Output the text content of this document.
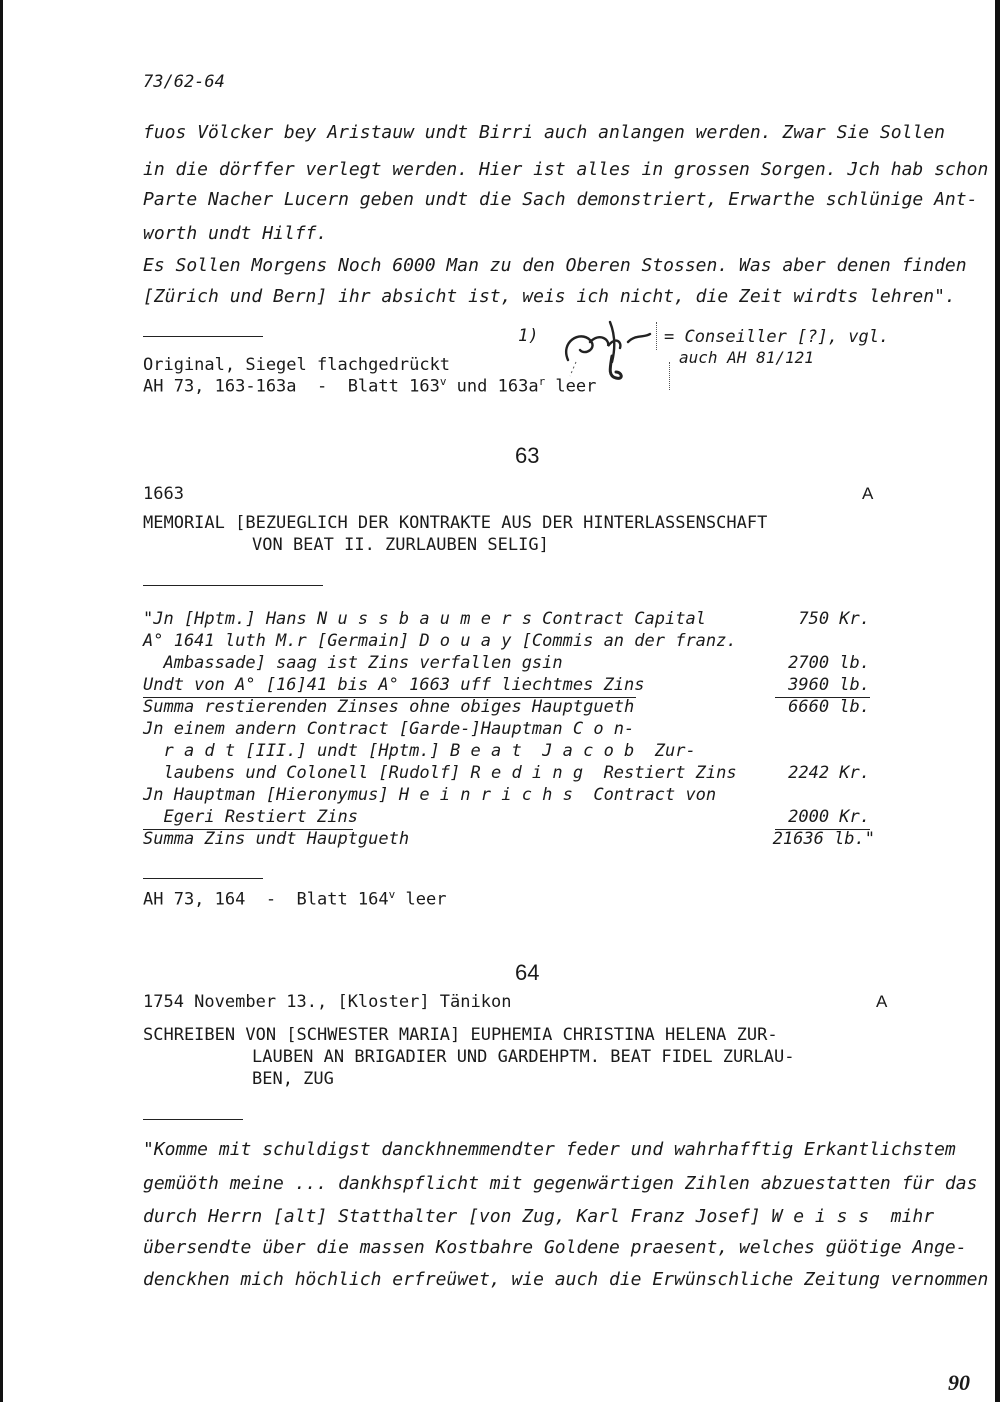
73/62-64
fuos Völcker bey Aristauw undt Birri auch anlangen werden. Zwar Sie Sollen
in die dörffer verlegt werden. Hier ist alles in grossen Sorgen. Jch hab schon
Parte Nacher Lucern geben undt die Sach demonstriert, Erwarthe schlünige Ant-
worth undt Hilff.
Es Sollen Morgens Noch 6000 Man zu den Oberen Stossen. Was aber denen finden
[Zürich und Bern] ihr absicht ist, weis ich nicht, die Zeit wirdts lehren".
Original, Siegel flachgedrückt
AH 73, 163-163a  -  Blatt 163$^v$ und $163a^r$ leer
1)	= Conseiller [?], vgl.
auch AH 81/121
63
1663	A
MEMORIAL [BEZUEGLICH DER KONTRAKTE AUS DER HINTERLASSENSCHAFT
VON BEAT II. ZURLAUBEN SELIG]
"Jn [Hptm.] Hans N u s s b a u m e r s Contract Capital	750 Kr.
A° 1641 luth M.r [Germain] D o u a y [Commis an der franz.
Ambassade] saag ist Zins verfallen gsin	2700 lb.
Undt von A° [16]41 bis A° 1663 uff liechtmes Zins	3960 lb.
Summa restierenden Zinses ohne obiges Hauptgueth	6660 lb.
Jn einem andern Contract [Garde-]Hauptman C o n-
r a d t [III.] undt [Hptm.] B e a t  J a c o b  Zur-
laubens und Colonell [Rudolf] R e d i n g  Restiert Zins	2242 Kr.
Jn Hauptman [Hieronymus] H e i n r i c h s  Contract von
Egeri Restiert Zins	2000 Kr.
Summa Zins undt Hauptgueth	21636 lb."
AH 73, 164  -  Blatt 164$^v$ leer
64
1754 November 13., [Kloster] Tänikon	A
SCHREIBEN VON [SCHWESTER MARIA] EUPHEMIA CHRISTINA HELENA ZUR-
LAUBEN AN BRIGADIER UND GARDEHPTM. BEAT FIDEL ZURLAU-
BEN, ZUG
"Komme mit schuldigst danckhnemmendter feder und wahrhafftig Erkantlichstem
gemüöth meine ... dankhspflicht mit gegenwärtigen Zihlen abzuestatten für das
durch Herrn [alt] Statthalter [von Zug, Karl Franz Josef] W e i s s  mihr
übersendte über die massen Kostbahre Goldene praesent, welches güötige Ange-
denckhen mich höchlich erfreüwet, wie auch die Erwünschliche Zeitung vernommen
90
